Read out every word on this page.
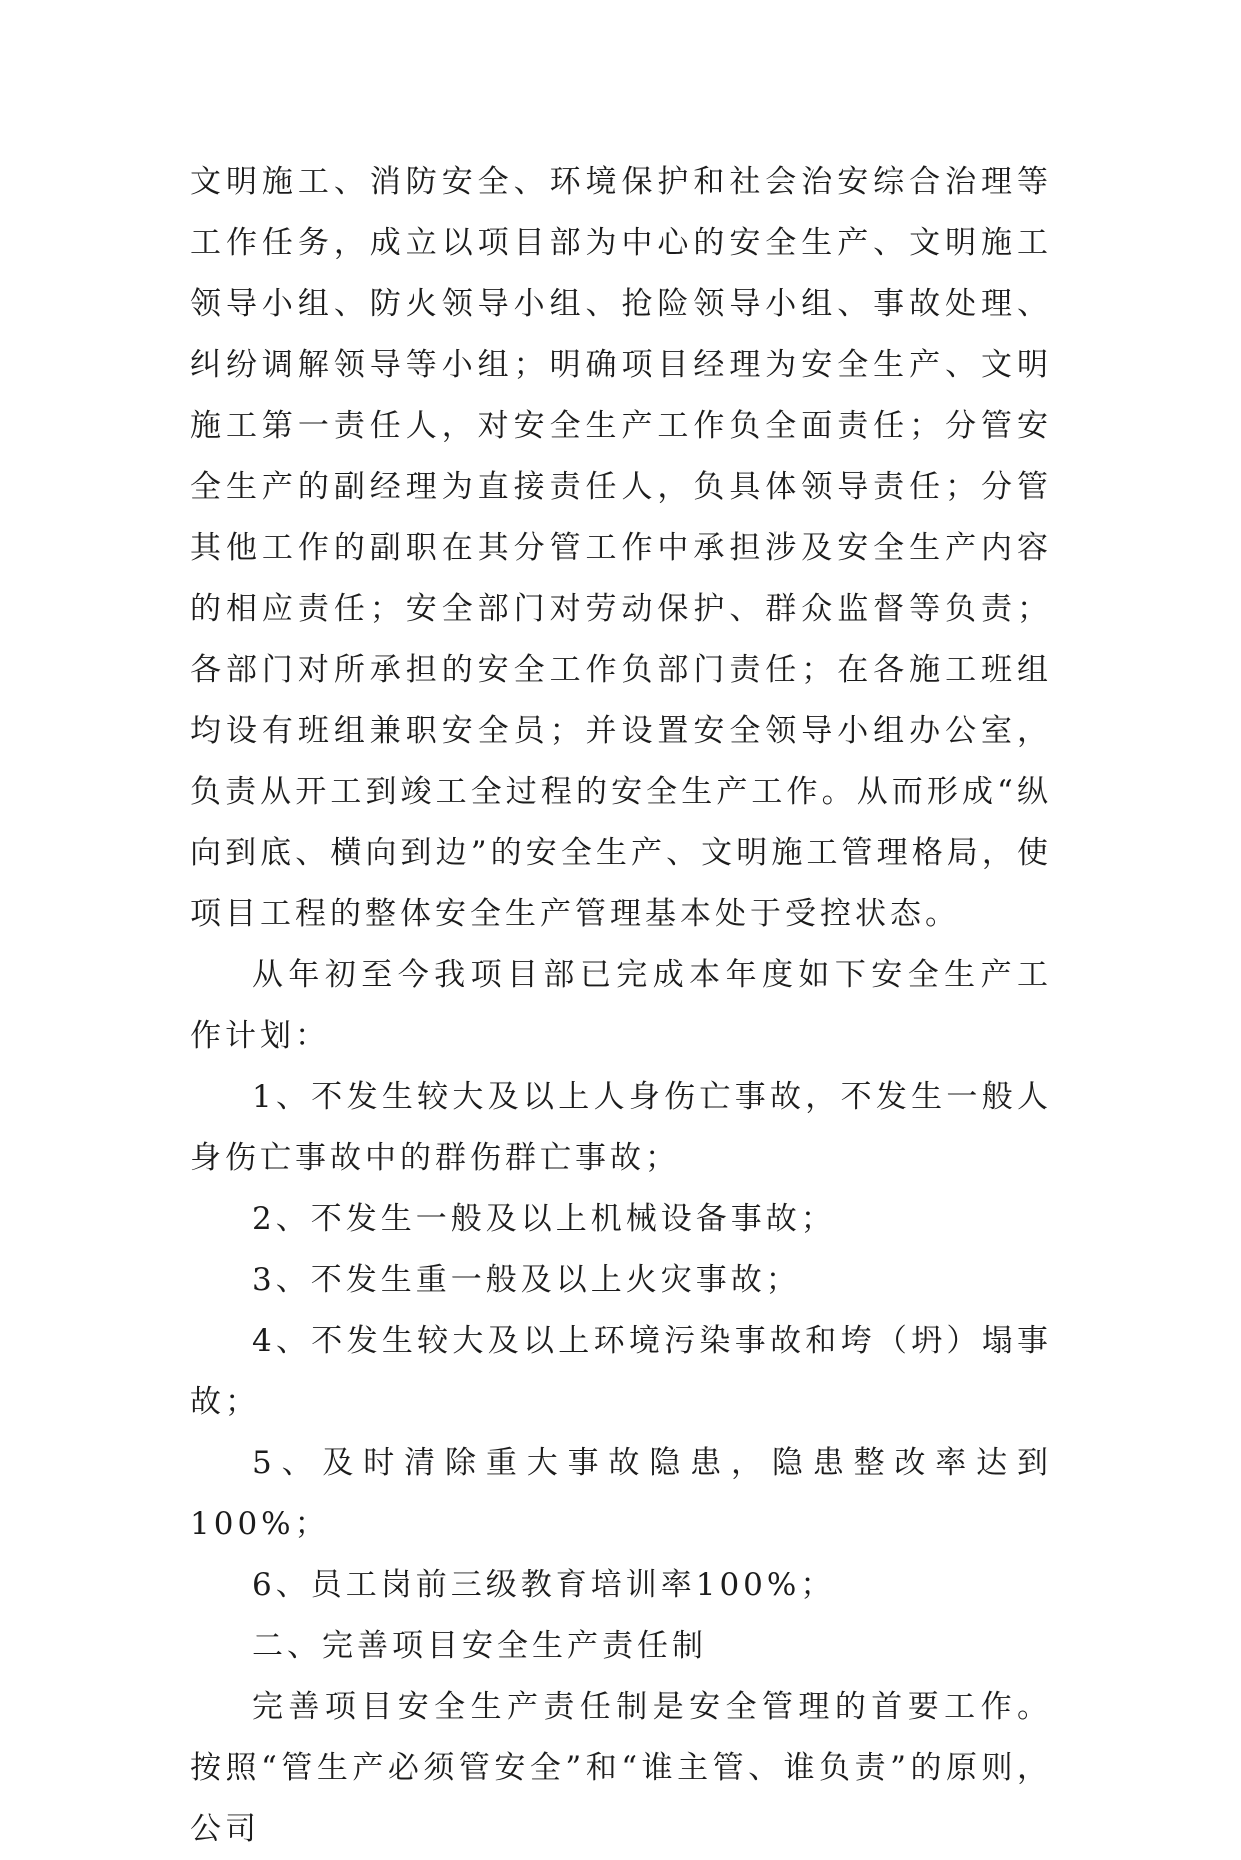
文明施工、消防安全、环境保护和社会治安综合治理等工作任务，成立以项目部为中心的安全生产、文明施工领导小组、防火领导小组、抢险领导小组、事故处理、纠纷调解领导等小组；明确项目经理为安全生产、文明施工第一责任人，对安全生产工作负全面责任；分管安全生产的副经理为直接责任人，负具体领导责任；分管其他工作的副职在其分管工作中承担涉及安全生产内容的相应责任；安全部门对劳动保护、群众监督等负责；各部门对所承担的安全工作负部门责任；在各施工班组均设有班组兼职安全员；并设置安全领导小组办公室，负责从开工到竣工全过程的安全生产工作。从而形成“纵向到底、横向到边”的安全生产、文明施工管理格局，使项目工程的整体安全生产管理基本处于受控状态。

从年初至今我项目部已完成本年度如下安全生产工作计划：

1、不发生较大及以上人身伤亡事故，不发生一般人身伤亡事故中的群伤群亡事故；

2、不发生一般及以上机械设备事故；

3、不发生重一般及以上火灾事故；

4、不发生较大及以上环境污染事故和垮（坍）塌事故；

5、及时清除重大事故隐患，隐患整改率达到100%；

6、员工岗前三级教育培训率100%；

二、完善项目安全生产责任制

完善项目安全生产责任制是安全管理的首要工作。按照“管生产必须管安全”和“谁主管、谁负责”的原则，公司
